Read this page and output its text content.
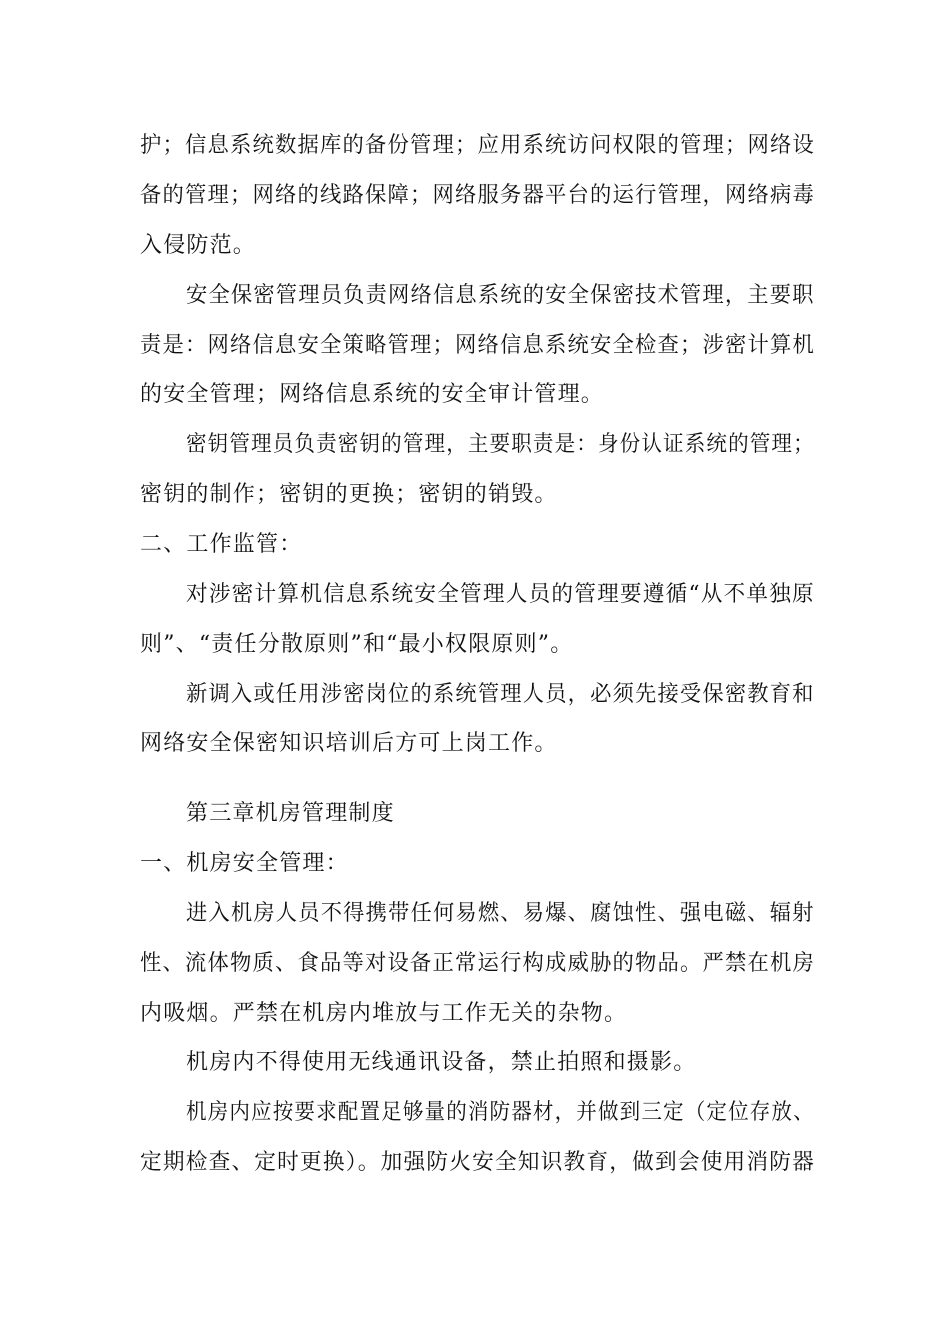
护；信息系统数据库的备份管理；应用系统访问权限的管理；网络设
备的管理；网络的线路保障；网络服务器平台的运行管理，网络病毒
入侵防范。
安全保密管理员负责网络信息系统的安全保密技术管理，主要职
责是：网络信息安全策略管理；网络信息系统安全检查；涉密计算机
的安全管理；网络信息系统的安全审计管理。
密钥管理员负责密钥的管理，主要职责是：身份认证系统的管理；
密钥的制作；密钥的更换；密钥的销毁。
二、工作监管：
对涉密计算机信息系统安全管理人员的管理要遵循“从不单独原
则”、“责任分散原则”和“最小权限原则”。
新调入或任用涉密岗位的系统管理人员，必须先接受保密教育和
网络安全保密知识培训后方可上岗工作。
第三章机房管理制度
一、机房安全管理：
进入机房人员不得携带任何易燃、易爆、腐蚀性、强电磁、辐射
性、流体物质、食品等对设备正常运行构成威胁的物品。严禁在机房
内吸烟。严禁在机房内堆放与工作无关的杂物。
机房内不得使用无线通讯设备，禁止拍照和摄影。
机房内应按要求配置足够量的消防器材，并做到三定（定位存放、
定期检查、定时更换）。加强防火安全知识教育，做到会使用消防器
